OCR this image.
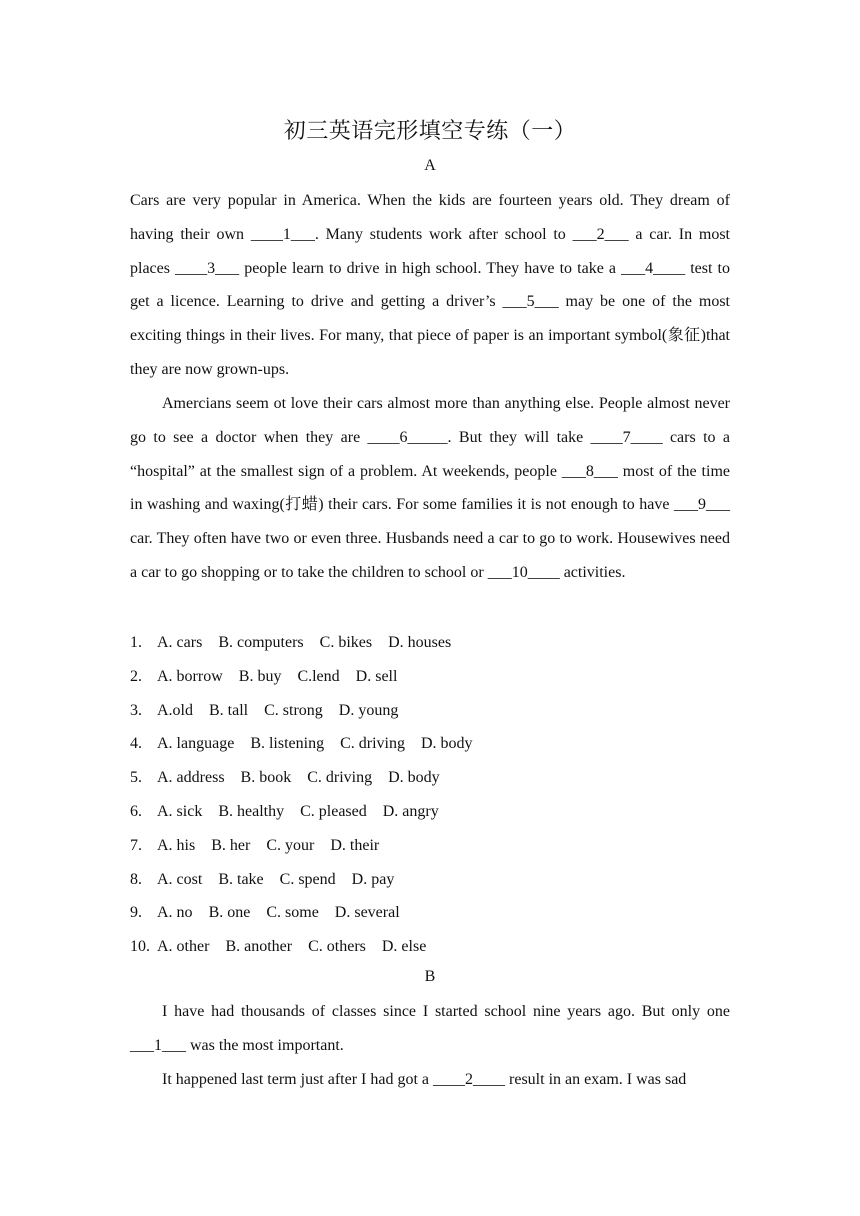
初三英语完形填空专练（一）
A

Cars are very popular in America. When the kids are fourteen years old. They dream of having their own ____1___. Many students work after school to ___2___ a car. In most places ____3___ people learn to drive in high school. They have to take a ___4____ test to get a licence. Learning to drive and getting a driver’s ___5___ may be one of the most exciting things in their lives. For many, that piece of paper is an important symbol(象征)that they are now grown-ups.

Amercians seem ot love their cars almost more than anything else. People almost never go to see a doctor when they are ____6_____. But they will take ____7____ cars to a “hospital” at the smallest sign of a problem. At weekends, people ___8___ most of the time in washing and waxing(打蜡) their cars. For some families it is not enough to have ___9___ car. They often have two or even three. Husbands need a car to go to work. Housewives need a car to go shopping or to take the children to school or ___10____ activities.

1. A. cars B. computers C. bikes D. houses
2. A. borrow B. buy C.lend D. sell
3. A.old B. tall C. strong D. young
4. A. language B. listening C. driving D. body
5. A. address B. book C. driving D. body
6. A. sick B. healthy C. pleased D. angry
7. A. his B. her C. your D. their
8. A. cost B. take C. spend D. pay
9. A. no B. one C. some D. several
10. A. other B. another C. others D. else
B

I have had thousands of classes since I started school nine years ago. But only one ___1___ was the most important.

It happened last term just after I had got a ____2____ result in an exam. I was sad
